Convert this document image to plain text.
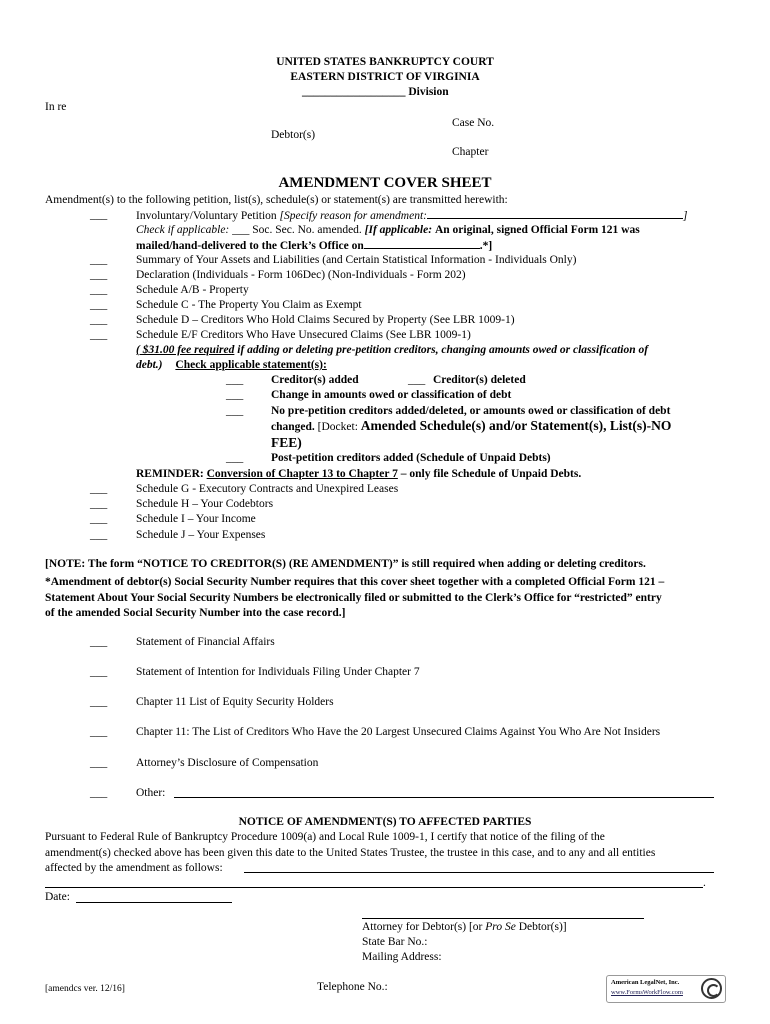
UNITED STATES BANKRUPTCY COURT
EASTERN DISTRICT OF VIRGINIA
__________________ Division
In re
Case No.
Debtor(s)
Chapter
AMENDMENT COVER SHEET
Amendment(s) to the following petition, list(s), schedule(s) or statement(s) are transmitted herewith:
___	Involuntary/Voluntary Petition [Specify reason for amendment:	]
Check if applicable: ___ Soc. Sec. No. amended. [If applicable: An original, signed Official Form 121 was
mailed/hand-delivered to the Clerk’s Office on	.*]
___	Summary of Your Assets and Liabilities (and Certain Statistical Information - Individuals Only)
___	Declaration (Individuals - Form 106Dec) (Non-Individuals - Form 202)
___	Schedule A/B - Property
___	Schedule C - The Property You Claim as Exempt
___	Schedule D – Creditors Who Hold Claims Secured by Property (See LBR 1009-1)
___	Schedule E/F Creditors Who Have Unsecured Claims (See LBR 1009-1)
( $31.00 fee required if adding or deleting pre-petition creditors, changing amounts owed or classification of
debt.) Check applicable statement(s):
___ Creditor(s) added	___ Creditor(s) deleted
___ Change in amounts owed or classification of debt
___ No pre-petition creditors added/deleted, or amounts owed or classification of debt
changed. [Docket: Amended Schedule(s) and/or Statement(s), List(s)-NO
FEE)
___ Post-petition creditors added (Schedule of Unpaid Debts)
REMINDER: Conversion of Chapter 13 to Chapter 7 – only file Schedule of Unpaid Debts.
___	Schedule G - Executory Contracts and Unexpired Leases
___	Schedule H – Your Codebtors
___	Schedule I – Your Income
___	Schedule J – Your Expenses
[NOTE: The form “NOTICE TO CREDITOR(S) (RE AMENDMENT)” is still required when adding or deleting creditors.
*Amendment of debtor(s) Social Security Number requires that this cover sheet together with a completed Official Form 121 –
Statement About Your Social Security Numbers be electronically filed or submitted to the Clerk’s Office for “restricted” entry
of the amended Social Security Number into the case record.]
___	Statement of Financial Affairs
___	Statement of Intention for Individuals Filing Under Chapter 7
___	Chapter 11 List of Equity Security Holders
___	Chapter 11: The List of Creditors Who Have the 20 Largest Unsecured Claims Against You Who Are Not Insiders
___	Attorney’s Disclosure of Compensation
___	Other:
NOTICE OF AMENDMENT(S) TO AFFECTED PARTIES
Pursuant to Federal Rule of Bankruptcy Procedure 1009(a) and Local Rule 1009-1, I certify that notice of the filing of the
amendment(s) checked above has been given this date to the United States Trustee, the trustee in this case, and to any and all entities
affected by the amendment as follows:
.
Date:
Attorney for Debtor(s) [or Pro Se Debtor(s)]
State Bar No.:
Mailing Address:
Telephone No.:
[amendcs ver. 12/16]
American LegalNet, Inc.
www.FormsWorkFlow.com
